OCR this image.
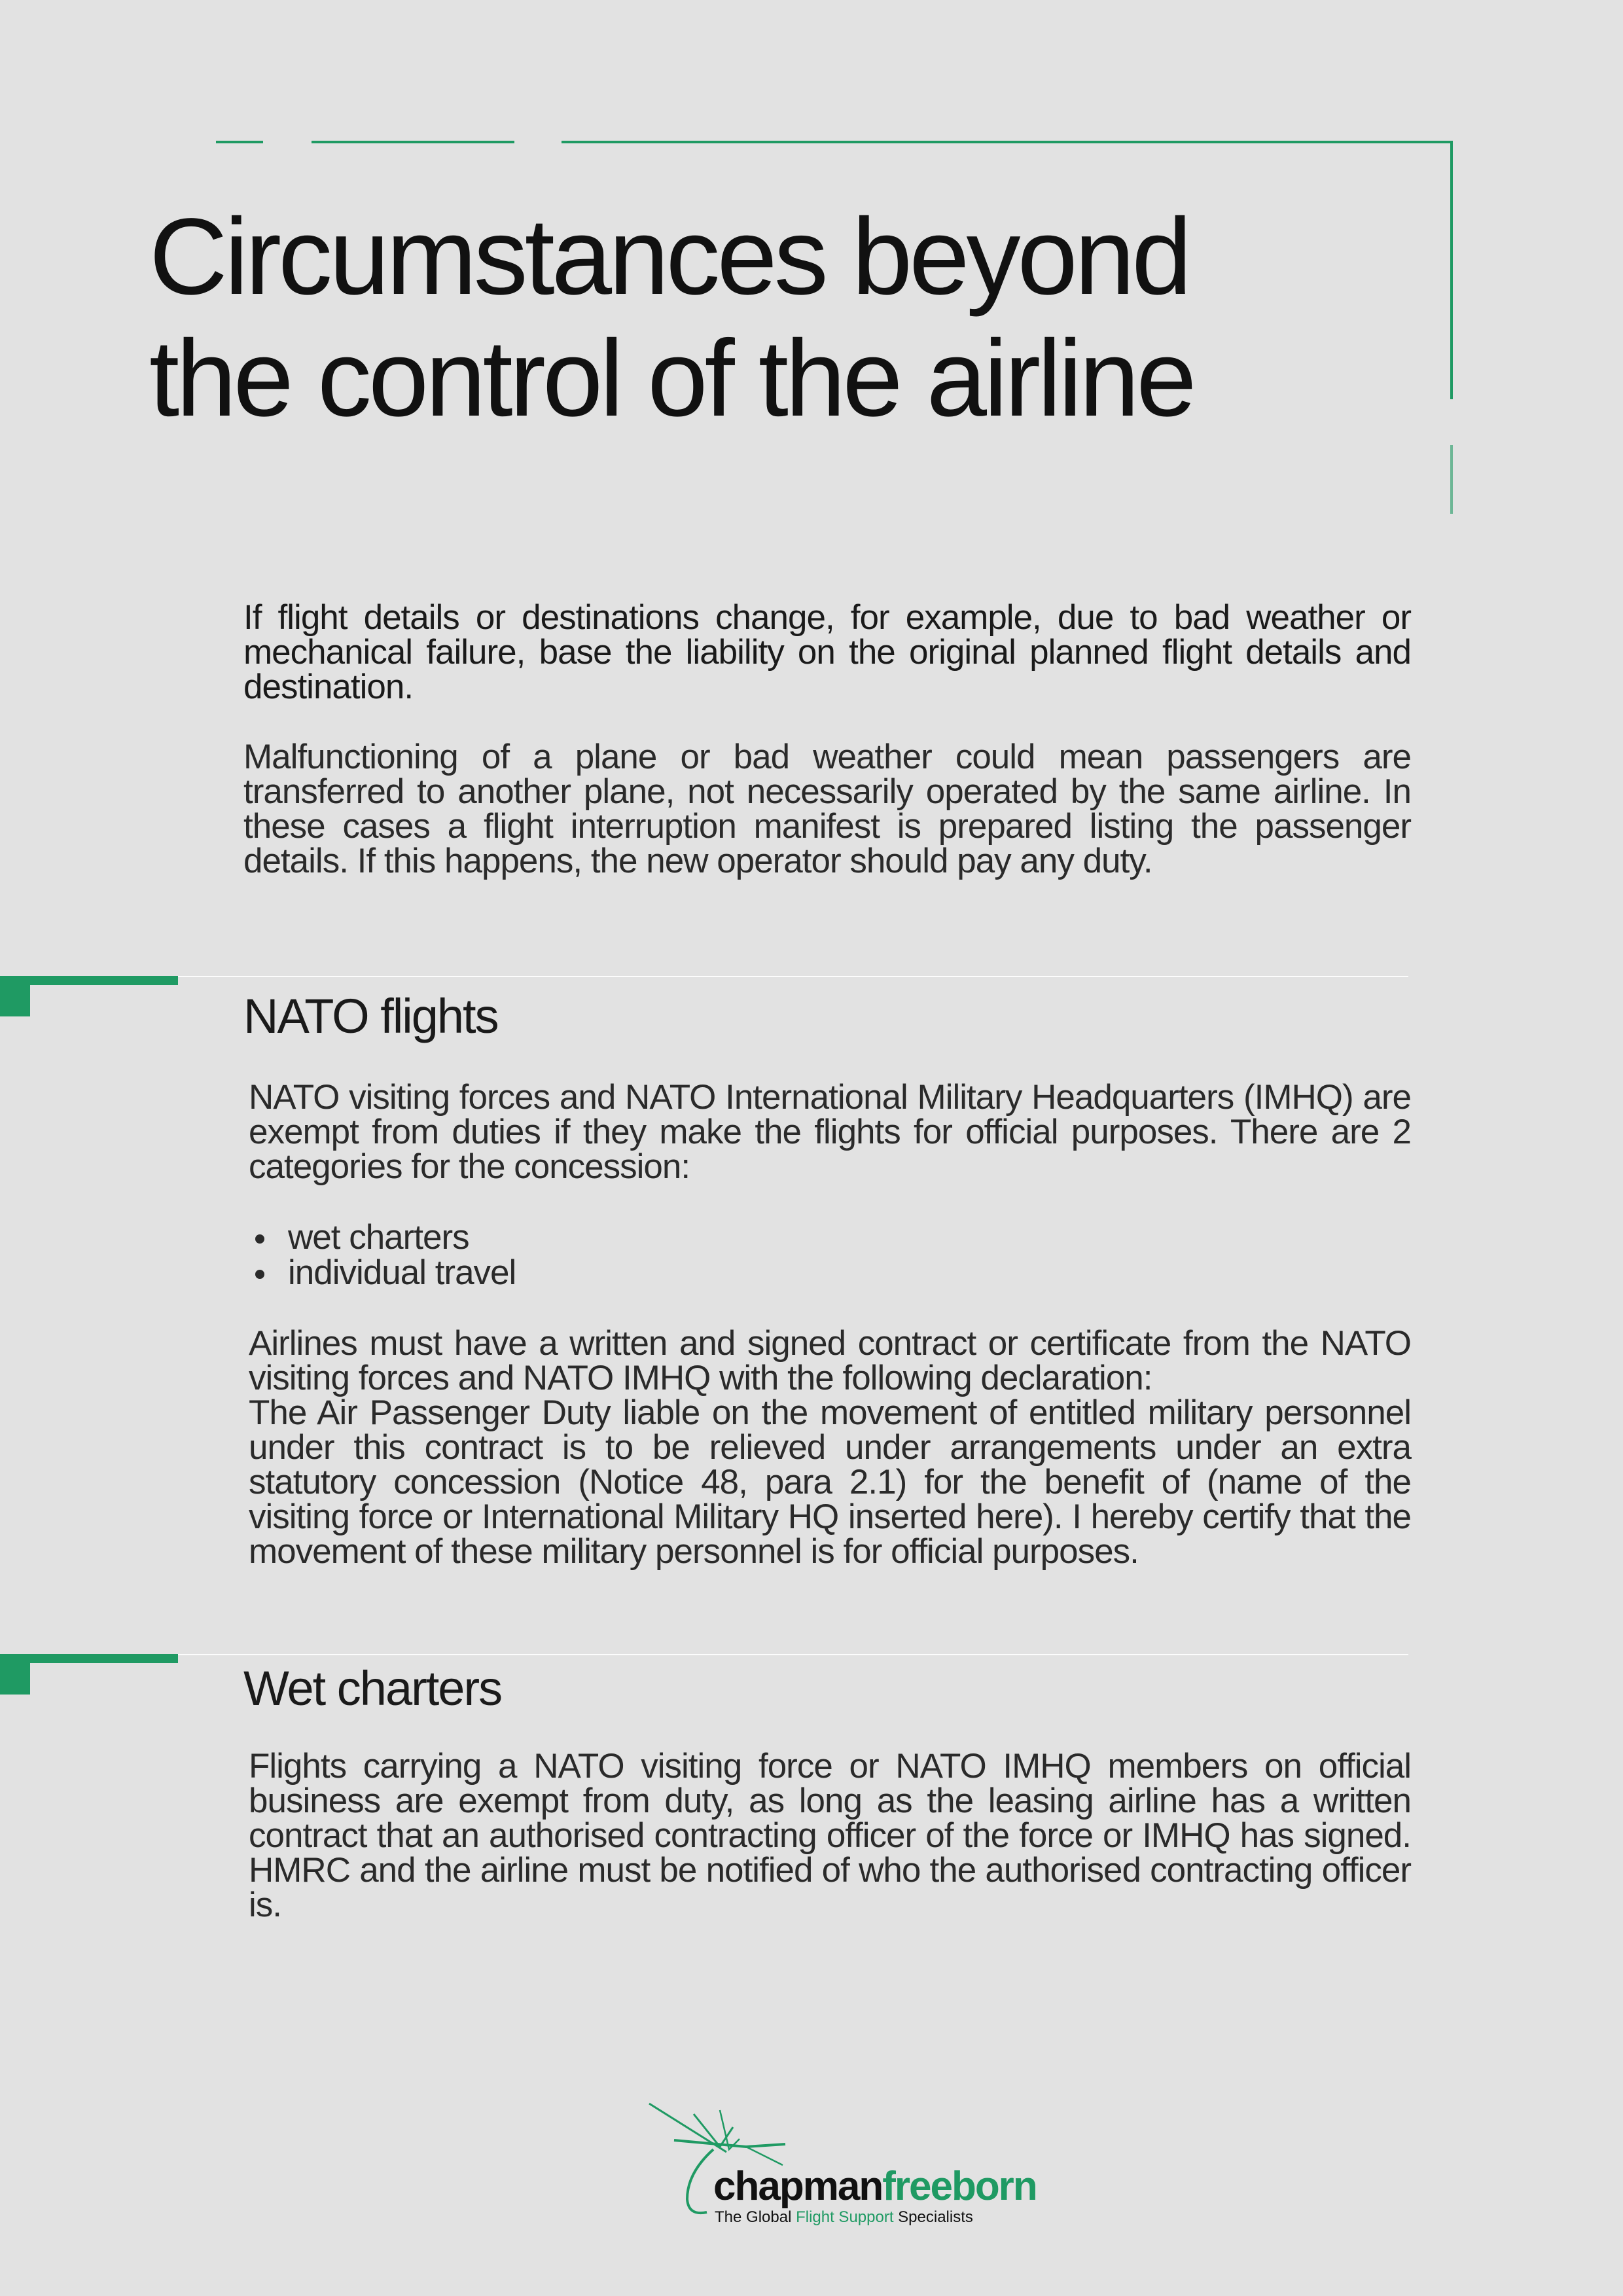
Circumstances beyond
the control of the airline

If flight details or destinations change, for example, due to bad weather or mechanical failure, base the liability on the original planned flight details and destination.

Malfunctioning of a plane or bad weather could mean passengers are transferred to another plane, not necessarily operated by the same airline. In these cases a flight interruption manifest is prepared listing the passenger details. If this happens, the new operator should pay any duty.

NATO flights

NATO visiting forces and NATO International Military Headquarters (IMHQ) are exempt from duties if they make the flights for official purposes. There are 2 categories for the concession:

wet charters
individual travel

Airlines must have a written and signed contract or certificate from the NATO visiting forces and NATO IMHQ with the following declaration:

The Air Passenger Duty liable on the movement of entitled military personnel under this contract is to be relieved under arrangements under an extra statutory concession (Notice 48, para 2.1) for the benefit of (name of the visiting force or International Military HQ inserted here). I hereby certify that the movement of these military personnel is for official purposes.

Wet charters

Flights carrying a NATO visiting force or NATO IMHQ members on official business are exempt from duty, as long as the leasing airline has a written contract that an authorised contracting officer of the force or IMHQ has signed. HMRC and the airline must be notified of who the authorised contracting officer is.

chapmanfreeborn
The Global Flight Support Specialists
